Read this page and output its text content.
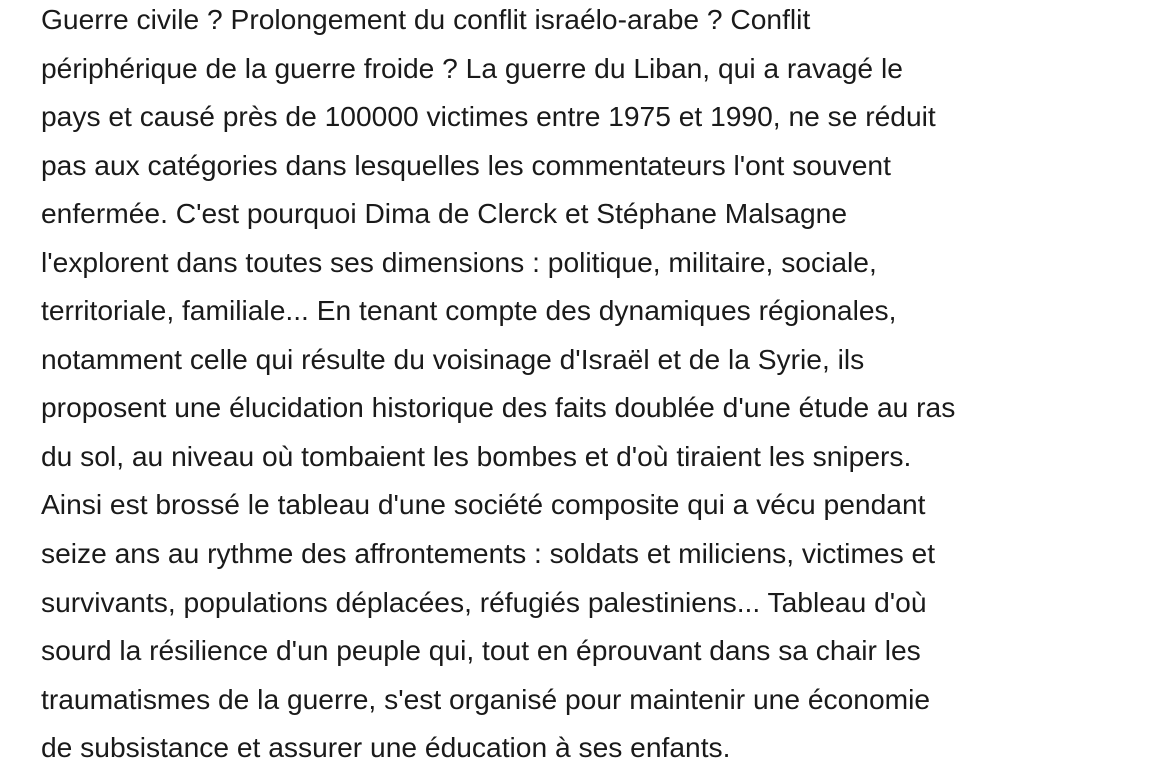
Guerre civile ? Prolongement du conflit israélo-arabe ? Conflit
périphérique de la guerre froide ? La guerre du Liban, qui a ravagé le
pays et causé près de 100000 victimes entre 1975 et 1990, ne se réduit
pas aux catégories dans lesquelles les commentateurs l'ont souvent
enfermée. C'est pourquoi Dima de Clerck et Stéphane Malsagne
l'explorent dans toutes ses dimensions : politique, militaire, sociale,
territoriale, familiale... En tenant compte des dynamiques régionales,
notamment celle qui résulte du voisinage d'Israël et de la Syrie, ils
proposent une élucidation historique des faits doublée d'une étude au ras
du sol, au niveau où tombaient les bombes et d'où tiraient les snipers.
Ainsi est brossé le tableau d'une société composite qui a vécu pendant
seize ans au rythme des affrontements : soldats et miliciens, victimes et
survivants, populations déplacées, réfugiés palestiniens... Tableau d'où
sourd la résilience d'un peuple qui, tout en éprouvant dans sa chair les
traumatismes de la guerre, s'est organisé pour maintenir une économie
de subsistance et assurer une éducation à ses enfants.
